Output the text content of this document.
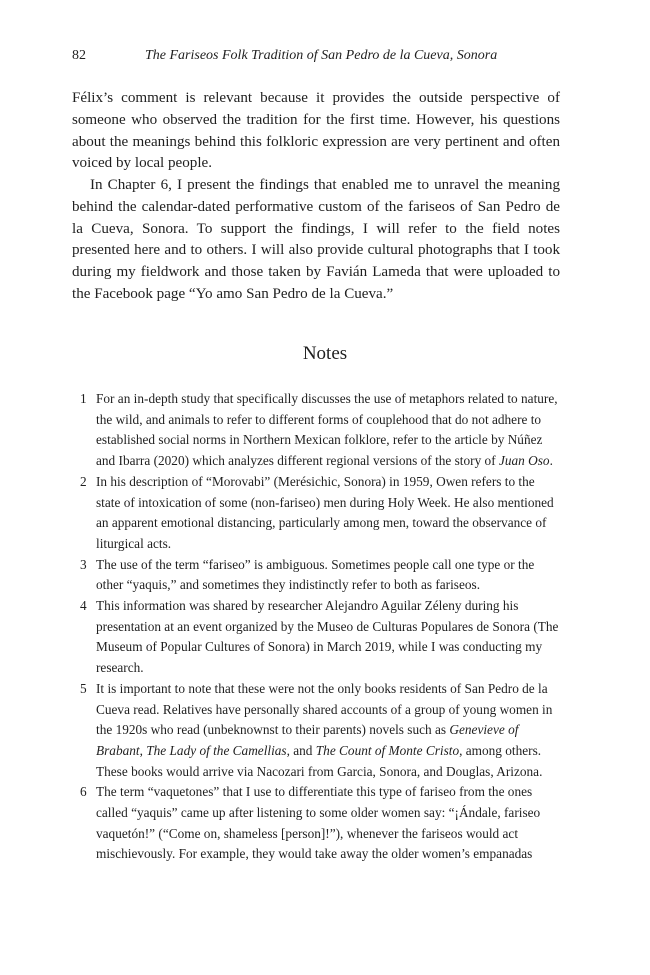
82	The Fariseos Folk Tradition of San Pedro de la Cueva, Sonora

Félix’s comment is relevant because it provides the outside perspective of someone who observed the tradition for the first time. However, his questions about the meanings behind this folkloric expression are very pertinent and often voiced by local people.

In Chapter 6, I present the findings that enabled me to unravel the meaning behind the calendar-dated performative custom of the fariseos of San Pedro de la Cueva, Sonora. To support the findings, I will refer to the field notes presented here and to others. I will also provide cultural photographs that I took during my fieldwork and those taken by Favián Lameda that were uploaded to the Facebook page “Yo amo San Pedro de la Cueva.”

Notes
1 For an in-depth study that specifically discusses the use of metaphors related to nature, the wild, and animals to refer to different forms of couplehood that do not adhere to established social norms in Northern Mexican folklore, refer to the article by Núñez and Ibarra (2020) which analyzes different regional versions of the story of Juan Oso.
2 In his description of “Morovabi” (Merésichic, Sonora) in 1959, Owen refers to the state of intoxication of some (non-fariseo) men during Holy Week. He also mentioned an apparent emotional distancing, particularly among men, toward the observance of liturgical acts.
3 The use of the term “fariseo” is ambiguous. Sometimes people call one type or the other “yaquis,” and sometimes they indistinctly refer to both as fariseos.
4 This information was shared by researcher Alejandro Aguilar Zéleny during his presentation at an event organized by the Museo de Culturas Populares de Sonora (The Museum of Popular Cultures of Sonora) in March 2019, while I was conducting my research.
5 It is important to note that these were not the only books residents of San Pedro de la Cueva read. Relatives have personally shared accounts of a group of young women in the 1920s who read (unbeknownst to their parents) novels such as Genevieve of Brabant, The Lady of the Camellias, and The Count of Monte Cristo, among others. These books would arrive via Nacozari from Garcia, Sonora, and Douglas, Arizona.
6 The term “vaquetones” that I use to differentiate this type of fariseo from the ones called “yaquis” came up after listening to some older women say: “¡Ándale, fariseo vaquetón!” (“Come on, shameless [person]!”), whenever the fariseos would act mischievously. For example, they would take away the older women’s empanadas
